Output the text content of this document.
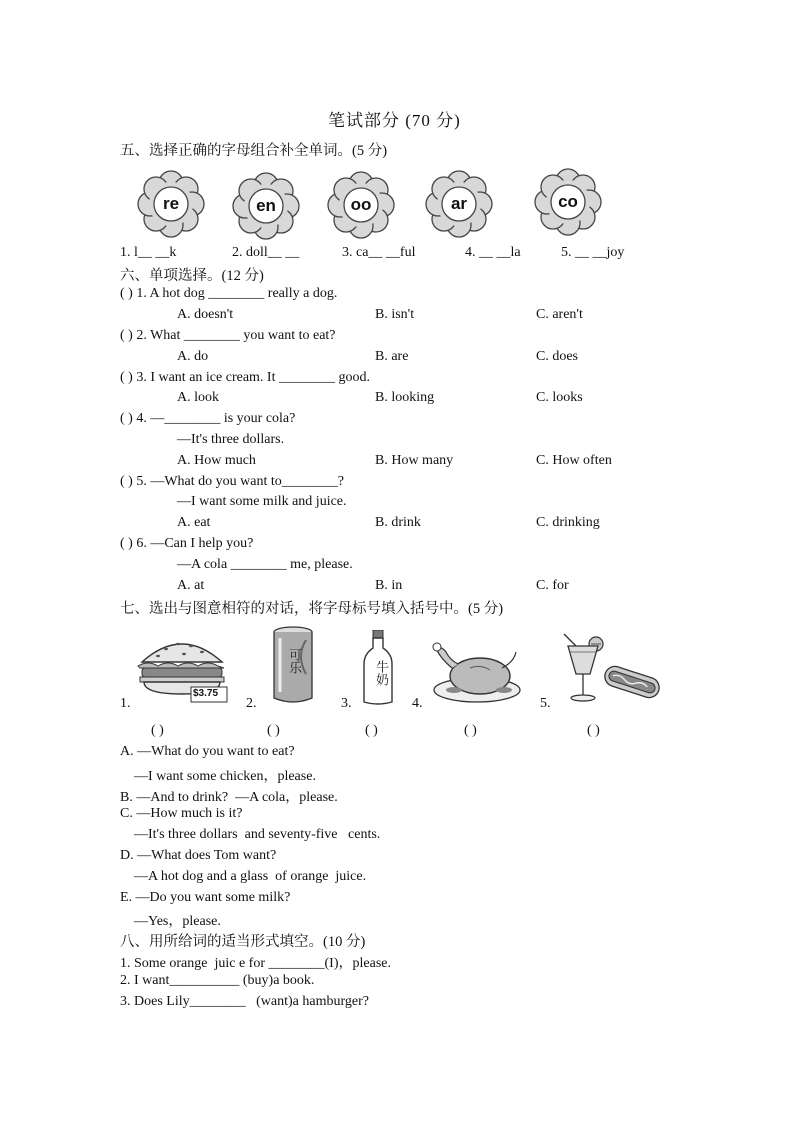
笔试部分 (70 分)
五、选择正确的字母组合补全单词。(5 分)
re	en	oo	ar	co
1. l__ __k	2. doll__ __	3. ca__ __ful	4. __ __la	5. __ __joy
六、单项选择。(12 分)
( ) 1. A hot dog ________ really a dog.
A. doesn't	B. isn't	C. aren't
( ) 2. What ________ you want to eat?
A. do	B. are	C. does
( ) 3. I want an ice cream. It ________ good.
A. look	B. looking	C. looks
( ) 4. —________ is your cola?
—It's three dollars.
A. How much	B. How many	C. How often
( ) 5. —What do you want to________?
—I want some milk and juice.
A. eat	B. drink	C. drinking
( ) 6. —Can I help you?
—A cola ________ me, please.
A. at	B. in	C. for
七、选出与图意相符的对话，将字母标号填入括号中。(5 分)
$3.75
可乐	牛奶
1.	2.	3.	4.	5.
( )	( )	( )	( )	( )
A. —What do you want to eat?
—I want some chicken，please.
B. —And to drink?  —A cola，please.
C. —How much is it?
—It's three dollars  and seventy-five   cents.
D. —What does Tom want?
—A hot dog and a glass  of orange  juice.
E. —Do you want some milk?
—Yes，please.
八、用所给词的适当形式填空。(10 分)
1. Some orange  juic e for ________(I)，please.
2. I want__________ (buy)a book.
3. Does Lily________   (want)a hamburger?
